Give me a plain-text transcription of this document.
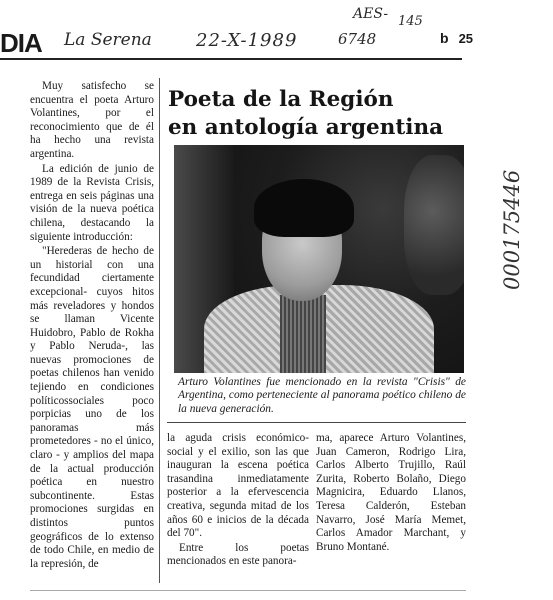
DIA La Serena 22-X-1989
AES- 145
6748	b 25
000175446

Muy satisfecho se encuentra el poeta Arturo Volantines, por el reconocimiento que de él ha hecho una revista argentina.

La edición de junio de 1989 de la Revista Crisis, entrega en seis páginas una visión de la nueva poética chilena, destacando la siguiente introducción:

"Herederas de hecho de un historial con una fecundidad ciertamente excepcional- cuyos hitos más reveladores y hondos se llaman Vicente Huidobro, Pablo de Rokha y Pablo Neruda-, las nuevas promociones de poetas chilenos han venido tejiendo en condiciones políticossociales poco porpicias uno de los panoramas más prometedores - no el único, claro - y amplios del mapa de la actual producción poética en nuestro subcontinente. Estas promociones surgidas en distintos puntos geográficos de lo extenso de todo Chile, en medio de la represión, de

Poeta de la Región
en antología argentina
Arturo Volantines fue mencionado en la revista "Crisis" de Argentina, como perteneciente al panorama poético chileno de la nueva generación.

la aguda crisis económico-social y el exilio, son las que inauguran la escena poética trasandina inmediatamente posterior a la efervescencia creativa, segunda mitad de los años 60 e inicios de la década del 70".

Entre los poetas mencionados en este panora-

ma, aparece Arturo Volantines, Juan Cameron, Rodrigo Lira, Carlos Alberto Trujillo, Raúl Zurita, Roberto Bolaño, Diego Magnicira, Eduardo Llanos, Teresa Calderón, Esteban Navarro, José María Memet, Carlos Amador Marchant, y Bruno Montané.
